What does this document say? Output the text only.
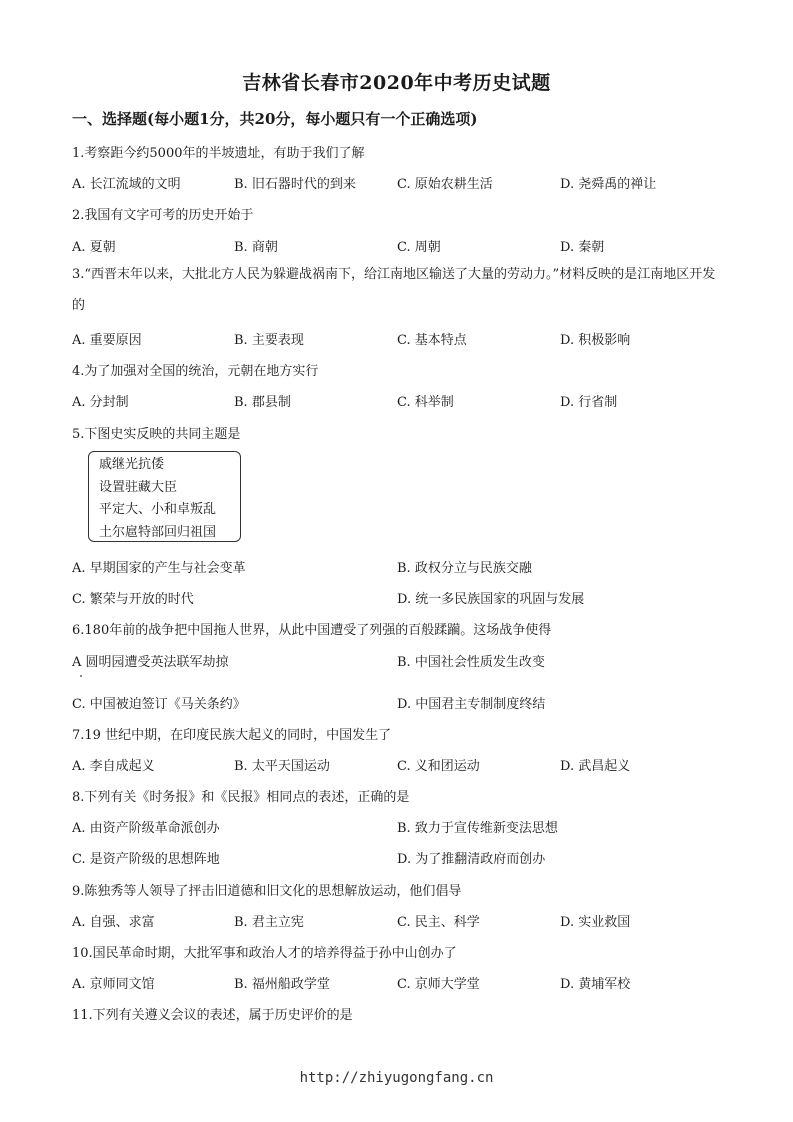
吉林省长春市2020年中考历史试题
一、选择题(每小题1分，共20分，每小题只有一个正确选项)
1.考察距今约5000年的半坡遗址，有助于我们了解
A. 长江流域的文明	B. 旧石器时代的到来	C. 原始农耕生活	D. 尧舜禹的禅让
2.我国有文字可考的历史开始于
A. 夏朝	B. 商朝	C. 周朝	D. 秦朝
3.“西晋末年以来，大批北方人民为躲避战祸南下，给江南地区输送了大量的劳动力。”材料反映的是江南地区开发的
A. 重要原因	B. 主要表现	C. 基本特点	D. 积极影响
4.为了加强对全国的统治，元朝在地方实行
A. 分封制	B. 郡县制	C. 科举制	D. 行省制
5.下图史实反映的共同主题是
戚继光抗倭
设置驻藏大臣
平定大、小和卓叛乱
土尔扈特部回归祖国
A. 早期国家的产生与社会变革	B. 政权分立与民族交融
C. 繁荣与开放的时代	D. 统一多民族国家的巩固与发展
6.180年前的战争把中国拖人世界，从此中国遭受了列强的百般蹂躏。这场战争使得
A 圆明园遭受英法联军劫掠	B. 中国社会性质发生改变
C. 中国被迫签订《马关条约》	D. 中国君主专制制度终结
7.19 世纪中期，在印度民族大起义的同时，中国发生了
A. 李自成起义	B. 太平天国运动	C. 义和团运动	D. 武昌起义
8.下列有关《时务报》和《民报》相同点的表述，正确的是
A. 由资产阶级革命派创办	B. 致力于宣传维新变法思想
C. 是资产阶级的思想阵地	D. 为了推翻清政府而创办
9.陈独秀等人领导了抨击旧道德和旧文化的思想解放运动，他们倡导
A. 自强、求富	B. 君主立宪	C. 民主、科学	D. 实业救国
10.国民革命时期，大批军事和政治人才的培养得益于孙中山创办了
A. 京师同文馆	B. 福州船政学堂	C. 京师大学堂	D. 黄埔军校
11.下列有关遵义会议的表述，属于历史评价的是
http://zhiyugongfang.cn
